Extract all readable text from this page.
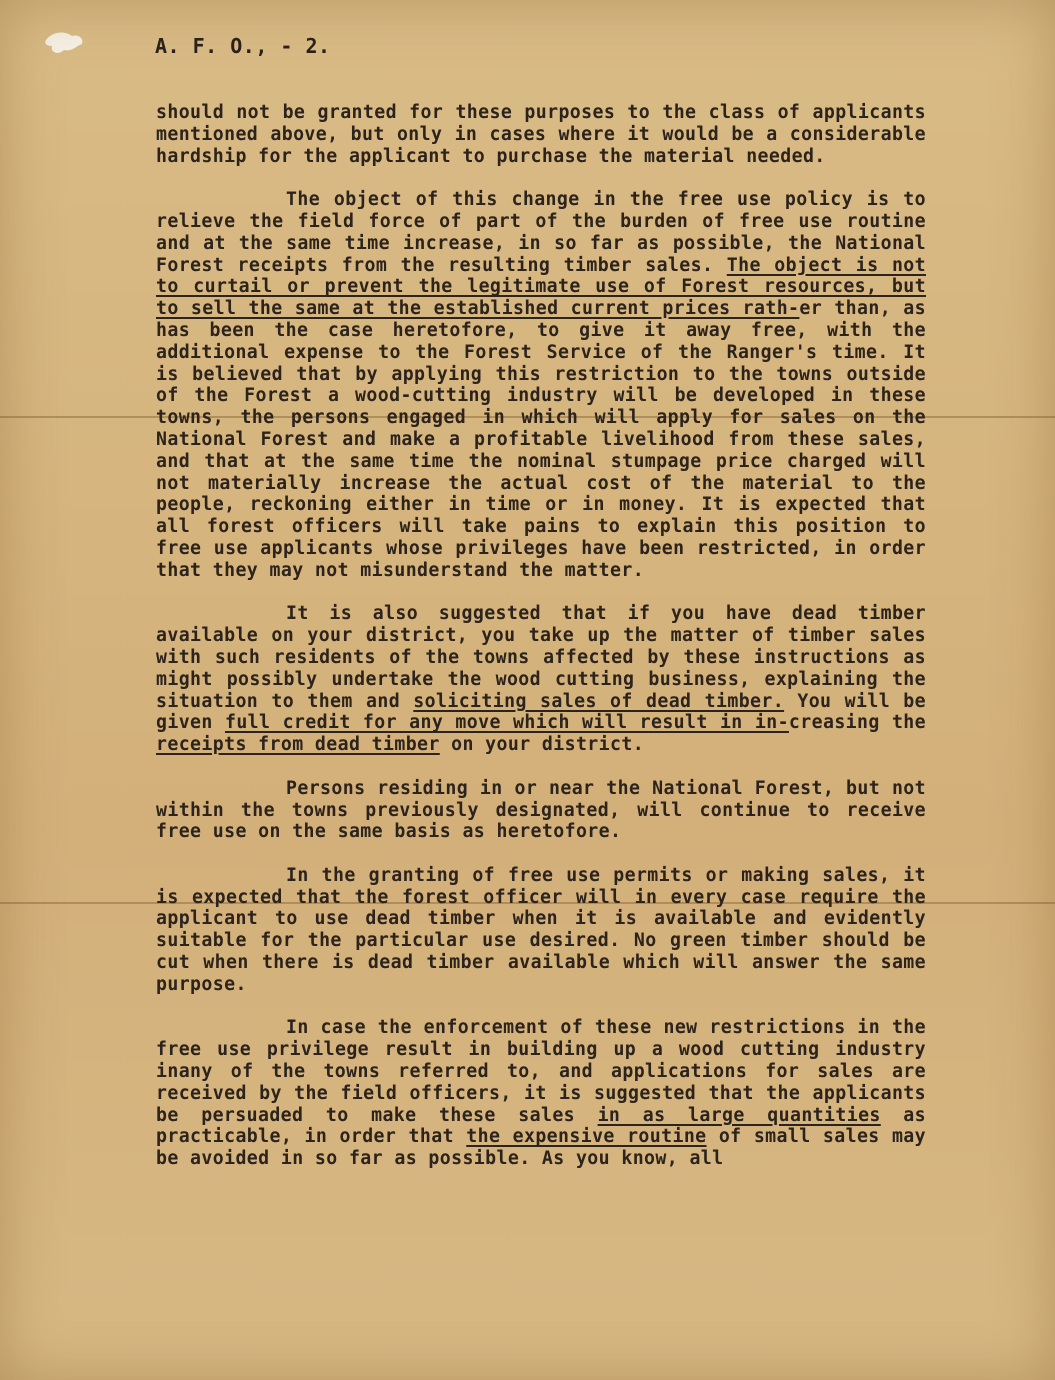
A. F. O., - 2.

should not be granted for these purposes to the class of applicants mentioned above, but only in cases where it would be a considerable hardship for the applicant to purchase the material needed.

The object of this change in the free use policy is to relieve the field force of part of the burden of free use routine and at the same time increase, in so far as possible, the National Forest receipts from the resulting timber sales. The object is not to curtail or prevent the legitimate use of Forest resources, but to sell the same at the established current prices rath-er than, as has been the case heretofore, to give it away free, with the additional expense to the Forest Service of the Ranger's time. It is believed that by applying this restriction to the towns outside of the Forest a wood-cutting industry will be developed in these towns, the persons engaged in which will apply for sales on the National Forest and make a profitable livelihood from these sales, and that at the same time the nominal stumpage price charged will not materially increase the actual cost of the material to the people, reckoning either in time or in money. It is expected that all forest officers will take pains to explain this position to free use applicants whose privileges have been restricted, in order that they may not misunderstand the matter.

It is also suggested that if you have dead timber available on your district, you take up the matter of timber sales with such residents of the towns affected by these instructions as might possibly undertake the wood cutting business, explaining the situation to them and soliciting sales of dead timber. You will be given full credit for any move which will result in in-creasing the receipts from dead timber on your district.

Persons residing in or near the National Forest, but not within the towns previously designated, will continue to receive free use on the same basis as heretofore.

In the granting of free use permits or making sales, it is expected that the forest officer will in every case require the applicant to use dead timber when it is available and evidently suitable for the particular use desired. No green timber should be cut when there is dead timber available which will answer the same purpose.

In case the enforcement of these new restrictions in the free use privilege result in building up a wood cutting industry inany of the towns referred to, and applications for sales are received by the field officers, it is suggested that the applicants be persuaded to make these sales in as large quantities as practicable, in order that the expensive routine of small sales may be avoided in so far as possible. As you know, all
